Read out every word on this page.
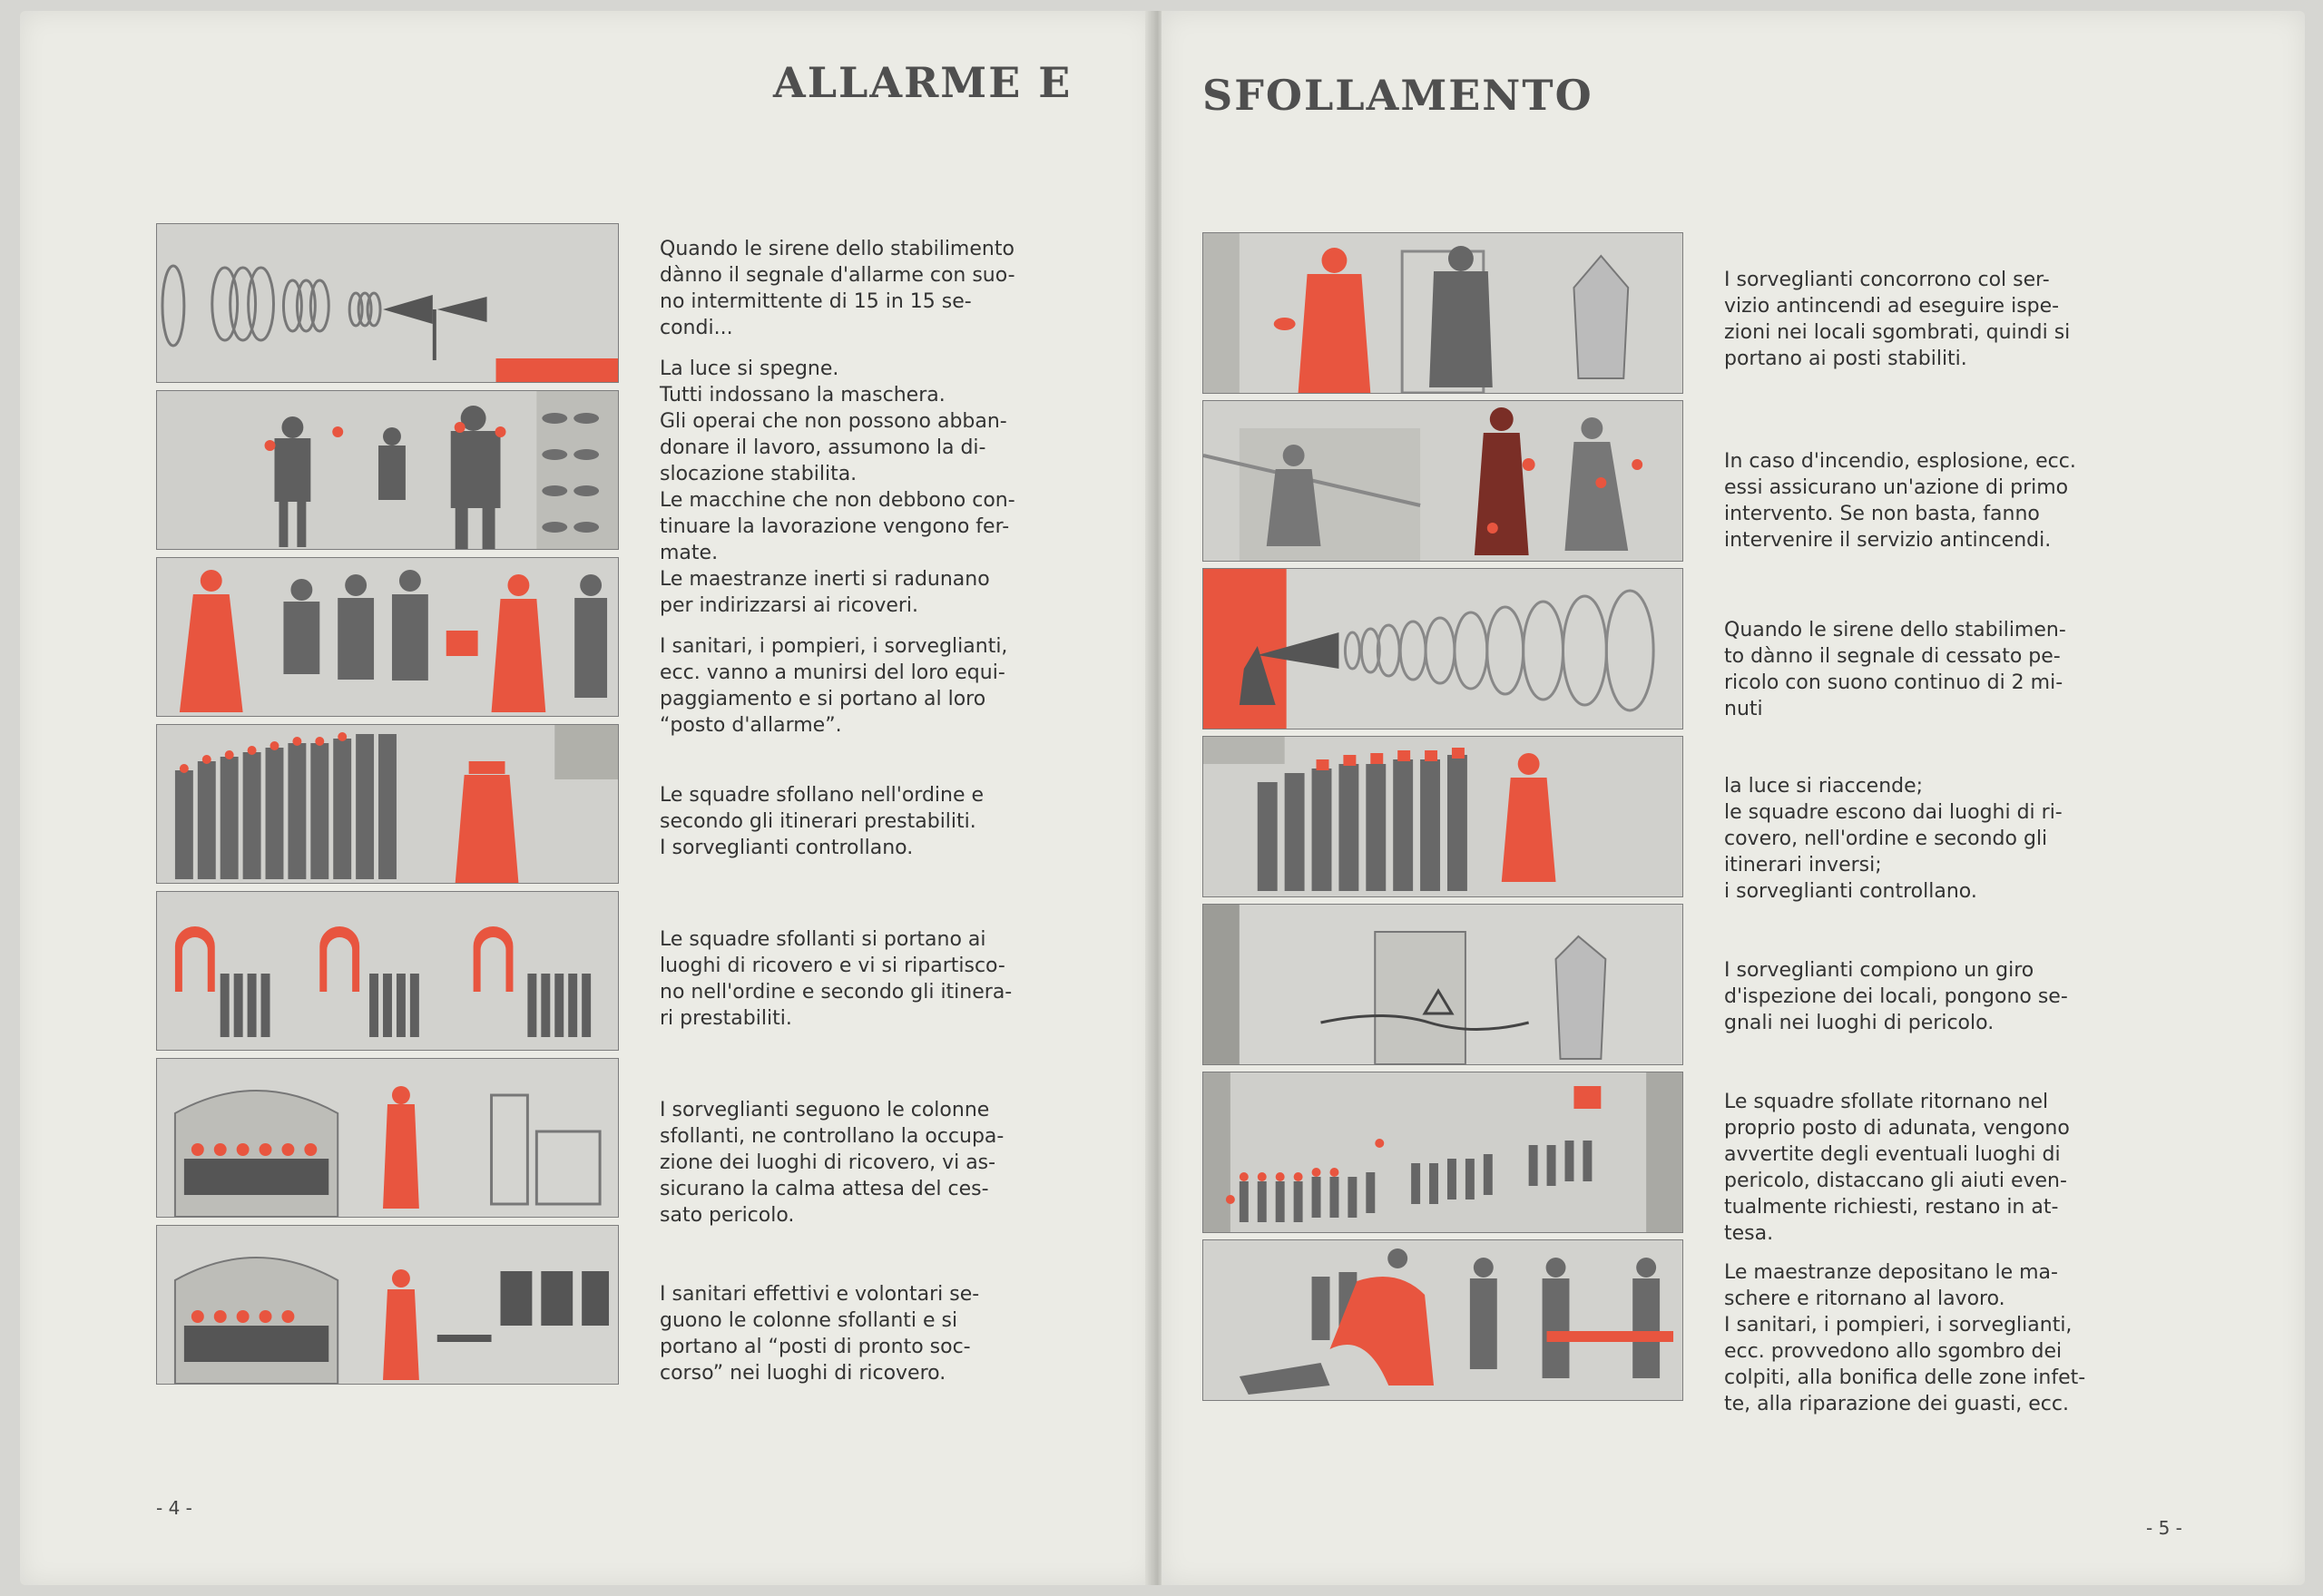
ALLARME E

Quando le sirene dello stabilimento
dànno il segnale d'allarme con suo-
no intermittente di 15 in 15 se-
condi...

La luce si spegne.
Tutti indossano la maschera.
Gli operai che non possono abban-
donare il lavoro, assumono la di-
slocazione stabilita.
Le macchine che non debbono con-
tinuare la lavorazione vengono fer-
mate.
Le maestranze inerti si radunano
per indirizzarsi ai ricoveri.

I sanitari, i pompieri, i sorveglianti,
ecc. vanno a munirsi del loro equi-
paggiamento e si portano al loro
“posto d'allarme”.

Le squadre sfollano nell'ordine e
secondo gli itinerari prestabiliti.
I sorveglianti controllano.

Le squadre sfollanti si portano ai
luoghi di ricovero e vi si ripartisco-
no nell'ordine e secondo gli itinera-
ri prestabiliti.

I sorveglianti seguono le colonne
sfollanti, ne controllano la occupa-
zione dei luoghi di ricovero, vi as-
sicurano la calma attesa del ces-
sato pericolo.

I sanitari effettivi e volontari se-
guono le colonne sfollanti e si
portano al “posti di pronto soc-
corso” nei luoghi di ricovero.

- 4 -

SFOLLAMENTO

I sorveglianti concorrono col ser-
vizio antincendi ad eseguire ispe-
zioni nei locali sgombrati, quindi si
portano ai posti stabiliti.

In caso d'incendio, esplosione, ecc.
essi assicurano un'azione di primo
intervento. Se non basta, fanno
intervenire il servizio antincendi.

Quando le sirene dello stabilimen-
to dànno il segnale di cessato pe-
ricolo con suono continuo di 2 mi-
nuti

la luce si riaccende;
le squadre escono dai luoghi di ri-
covero, nell'ordine e secondo gli
itinerari inversi;
i sorveglianti controllano.

I sorveglianti compiono un giro
d'ispezione dei locali, pongono se-
gnali nei luoghi di pericolo.

Le squadre sfollate ritornano nel
proprio posto di adunata, vengono
avvertite degli eventuali luoghi di
pericolo, distaccano gli aiuti even-
tualmente richiesti, restano in at-
tesa.

Le maestranze depositano le ma-
schere e ritornano al lavoro.
I sanitari, i pompieri, i sorveglianti,
ecc. provvedono allo sgombro dei
colpiti, alla bonifica delle zone infet-
te, alla riparazione dei guasti, ecc.

- 5 -
